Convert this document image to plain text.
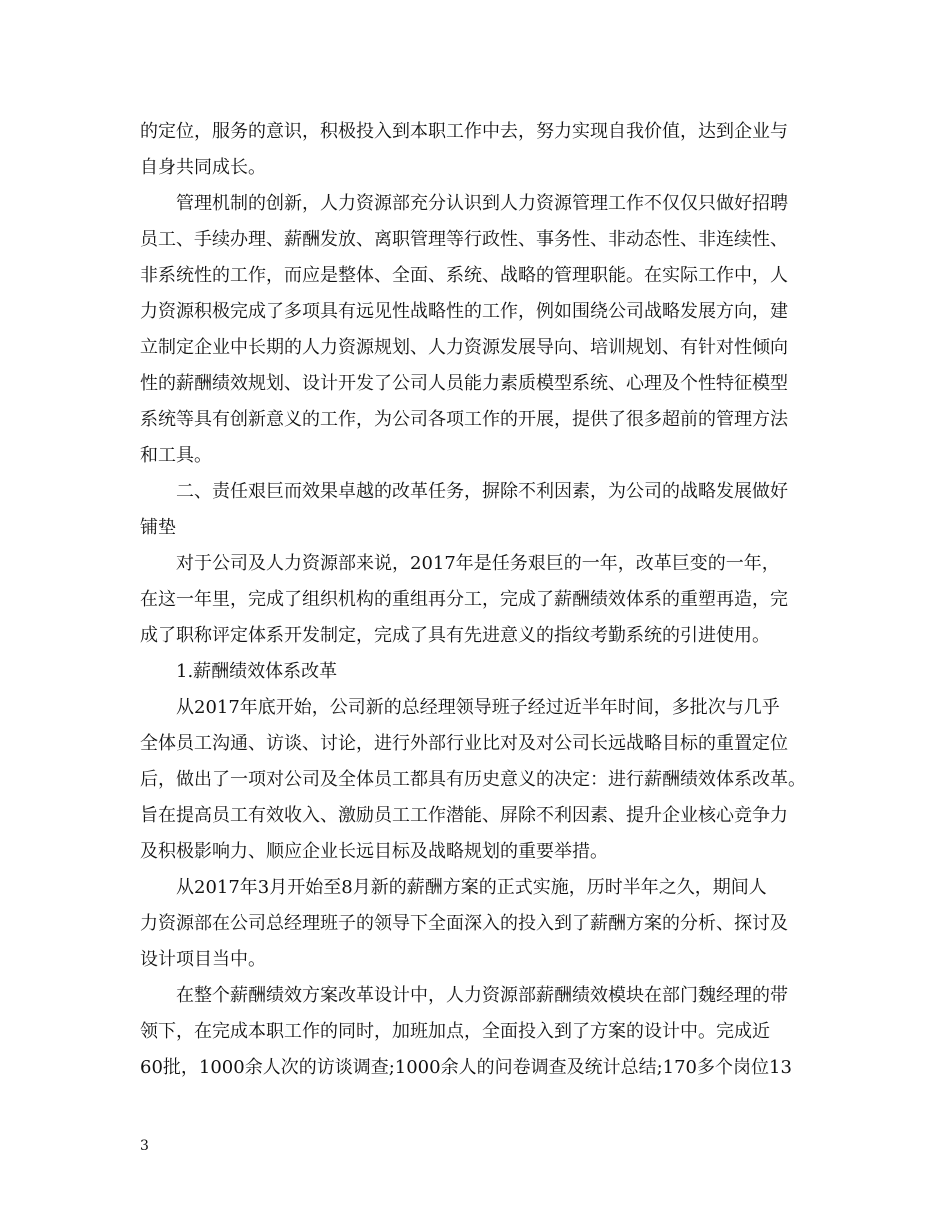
的定位，服务的意识，积极投入到本职工作中去，努力实现自我价值，达到企业与
自身共同成长。
　　管理机制的创新，人力资源部充分认识到人力资源管理工作不仅仅只做好招聘
员工、手续办理、薪酬发放、离职管理等行政性、事务性、非动态性、非连续性、
非系统性的工作，而应是整体、全面、系统、战略的管理职能。在实际工作中，人
力资源积极完成了多项具有远见性战略性的工作，例如围绕公司战略发展方向，建
立制定企业中长期的人力资源规划、人力资源发展导向、培训规划、有针对性倾向
性的薪酬绩效规划、设计开发了公司人员能力素质模型系统、心理及个性特征模型
系统等具有创新意义的工作，为公司各项工作的开展，提供了很多超前的管理方法
和工具。
　　二、责任艰巨而效果卓越的改革任务，摒除不利因素，为公司的战略发展做好
铺垫
　　对于公司及人力资源部来说，2017年是任务艰巨的一年，改革巨变的一年，
在这一年里，完成了组织机构的重组再分工，完成了薪酬绩效体系的重塑再造，完
成了职称评定体系开发制定，完成了具有先进意义的指纹考勤系统的引进使用。
　　1.薪酬绩效体系改革
　　从2017年底开始，公司新的总经理领导班子经过近半年时间，多批次与几乎
全体员工沟通、访谈、讨论，进行外部行业比对及对公司长远战略目标的重置定位
后，做出了一项对公司及全体员工都具有历史意义的决定：进行薪酬绩效体系改革。
旨在提高员工有效收入、激励员工工作潜能、屏除不利因素、提升企业核心竞争力
及积极影响力、顺应企业长远目标及战略规划的重要举措。
　　从2017年3月开始至8月新的薪酬方案的正式实施，历时半年之久，期间人
力资源部在公司总经理班子的领导下全面深入的投入到了薪酬方案的分析、探讨及
设计项目当中。
　　在整个薪酬绩效方案改革设计中，人力资源部薪酬绩效模块在部门魏经理的带
领下，在完成本职工作的同时，加班加点，全面投入到了方案的设计中。完成近
60批，1000余人次的访谈调查;1000余人的问卷调查及统计总结;170多个岗位13
3
